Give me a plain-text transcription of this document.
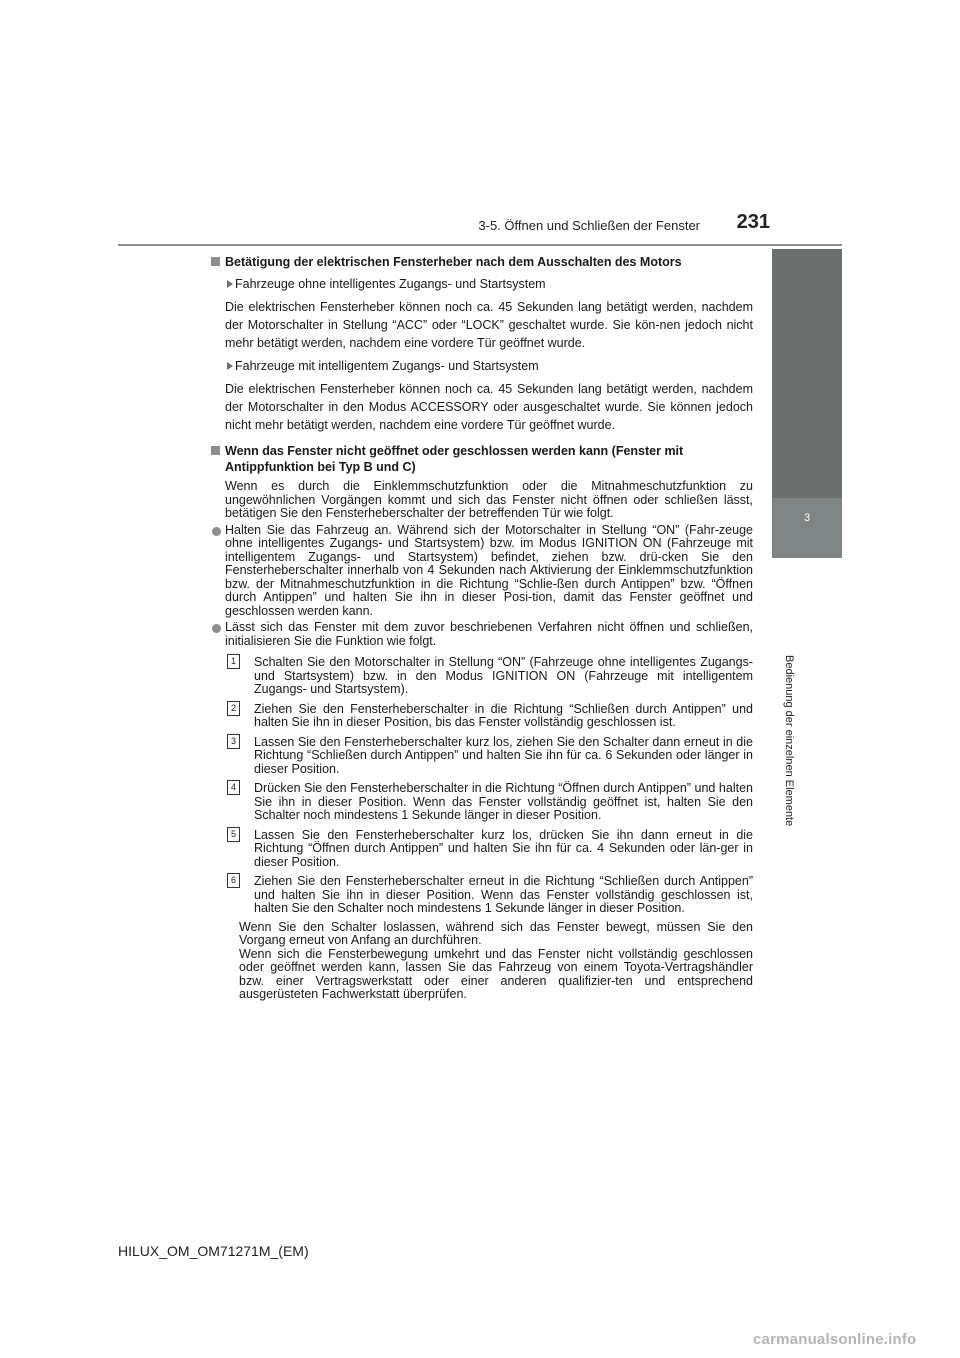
3-5. Öffnen und Schließen der Fenster	231
3
Bedienung der einzelnen Elemente
Betätigung der elektrischen Fensterheber nach dem Ausschalten des Motors
Fahrzeuge ohne intelligentes Zugangs- und Startsystem

Die elektrischen Fensterheber können noch ca. 45 Sekunden lang betätigt werden, nachdem der Motorschalter in Stellung “ACC” oder “LOCK” geschaltet wurde. Sie kön-nen jedoch nicht mehr betätigt werden, nachdem eine vordere Tür geöffnet wurde.

Fahrzeuge mit intelligentem Zugangs- und Startsystem

Die elektrischen Fensterheber können noch ca. 45 Sekunden lang betätigt werden, nachdem der Motorschalter in den Modus ACCESSORY oder ausgeschaltet wurde. Sie können jedoch nicht mehr betätigt werden, nachdem eine vordere Tür geöffnet wurde.

Wenn das Fenster nicht geöffnet oder geschlossen werden kann (Fenster mit Antippfunktion bei Typ B und C)

Wenn es durch die Einklemmschutzfunktion oder die Mitnahmeschutzfunktion zu ungewöhnlichen Vorgängen kommt und sich das Fenster nicht öffnen oder schließen lässt, betätigen Sie den Fensterheberschalter der betreffenden Tür wie folgt.

Halten Sie das Fahrzeug an. Während sich der Motorschalter in Stellung “ON” (Fahr-zeuge ohne intelligentes Zugangs- und Startsystem) bzw. im Modus IGNITION ON (Fahrzeuge mit intelligentem Zugangs- und Startsystem) befindet, ziehen bzw. drü-cken Sie den Fensterheberschalter innerhalb von 4 Sekunden nach Aktivierung der Einklemmschutzfunktion bzw. der Mitnahmeschutzfunktion in die Richtung “Schlie-ßen durch Antippen” bzw. “Öffnen durch Antippen” und halten Sie ihn in dieser Posi-tion, damit das Fenster geöffnet und geschlossen werden kann.
Lässt sich das Fenster mit dem zuvor beschriebenen Verfahren nicht öffnen und schließen, initialisieren Sie die Funktion wie folgt.
1	Schalten Sie den Motorschalter in Stellung “ON” (Fahrzeuge ohne intelligentes Zugangs- und Startsystem) bzw. in den Modus IGNITION ON (Fahrzeuge mit intelligentem Zugangs- und Startsystem).
2	Ziehen Sie den Fensterheberschalter in die Richtung “Schließen durch Antippen” und halten Sie ihn in dieser Position, bis das Fenster vollständig geschlossen ist.
3	Lassen Sie den Fensterheberschalter kurz los, ziehen Sie den Schalter dann erneut in die Richtung “Schließen durch Antippen” und halten Sie ihn für ca. 6 Sekunden oder länger in dieser Position.
4	Drücken Sie den Fensterheberschalter in die Richtung “Öffnen durch Antippen” und halten Sie ihn in dieser Position. Wenn das Fenster vollständig geöffnet ist, halten Sie den Schalter noch mindestens 1 Sekunde länger in dieser Position.
5	Lassen Sie den Fensterheberschalter kurz los, drücken Sie ihn dann erneut in die Richtung “Öffnen durch Antippen” und halten Sie ihn für ca. 4 Sekunden oder län-ger in dieser Position.
6	Ziehen Sie den Fensterheberschalter erneut in die Richtung “Schließen durch Antippen” und halten Sie ihn in dieser Position. Wenn das Fenster vollständig geschlossen ist, halten Sie den Schalter noch mindestens 1 Sekunde länger in dieser Position.

Wenn Sie den Schalter loslassen, während sich das Fenster bewegt, müssen Sie den Vorgang erneut von Anfang an durchführen.

Wenn sich die Fensterbewegung umkehrt und das Fenster nicht vollständig geschlossen oder geöffnet werden kann, lassen Sie das Fahrzeug von einem Toyota-Vertragshändler bzw. einer Vertragswerkstatt oder einer anderen qualifizier-ten und entsprechend ausgerüsteten Fachwerkstatt überprüfen.

HILUX_OM_OM71271M_(EM)
carmanualsonline.info
